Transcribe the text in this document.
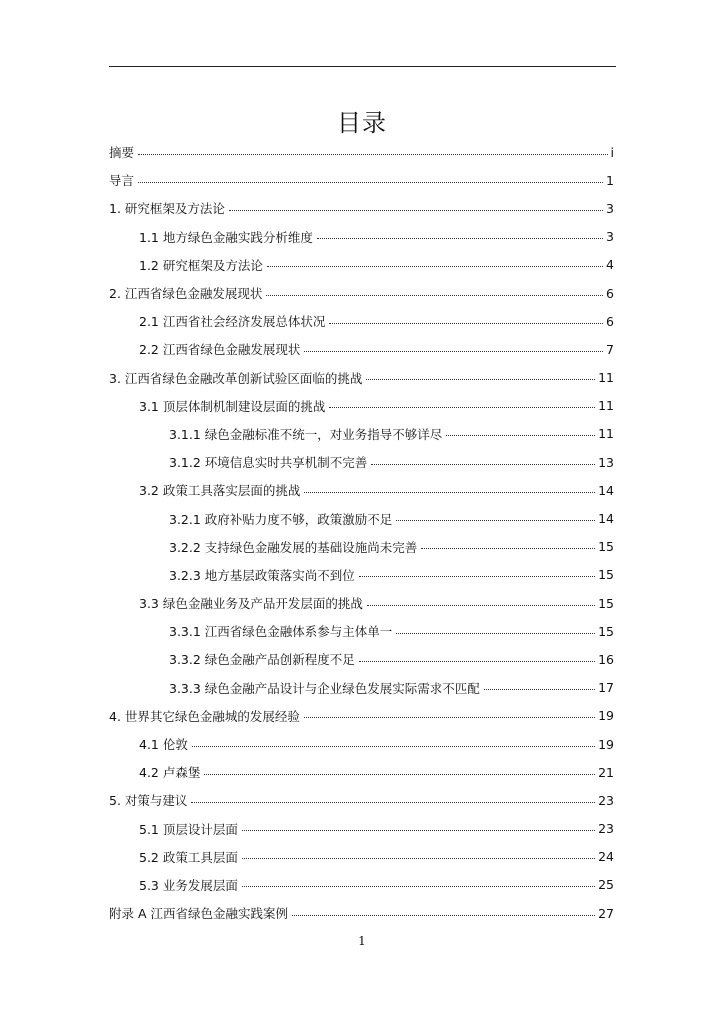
目录
摘要	i
导言	1
1. 研究框架及方法论	3
1.1 地方绿色金融实践分析维度	3
1.2 研究框架及方法论	4
2. 江西省绿色金融发展现状	6
2.1 江西省社会经济发展总体状况	6
2.2 江西省绿色金融发展现状	7
3. 江西省绿色金融改革创新试验区面临的挑战	11
3.1 顶层体制机制建设层面的挑战	11
3.1.1 绿色金融标准不统一，对业务指导不够详尽	11
3.1.2 环境信息实时共享机制不完善	13
3.2 政策工具落实层面的挑战	14
3.2.1 政府补贴力度不够，政策激励不足	14
3.2.2 支持绿色金融发展的基础设施尚未完善	15
3.2.3 地方基层政策落实尚不到位	15
3.3 绿色金融业务及产品开发层面的挑战	15
3.3.1 江西省绿色金融体系参与主体单一	15
3.3.2 绿色金融产品创新程度不足	16
3.3.3 绿色金融产品设计与企业绿色发展实际需求不匹配	17
4. 世界其它绿色金融城的发展经验	19
4.1 伦敦	19
4.2 卢森堡	21
5. 对策与建议	23
5.1 顶层设计层面	23
5.2 政策工具层面	24
5.3 业务发展层面	25
附录 A 江西省绿色金融实践案例	27
1
